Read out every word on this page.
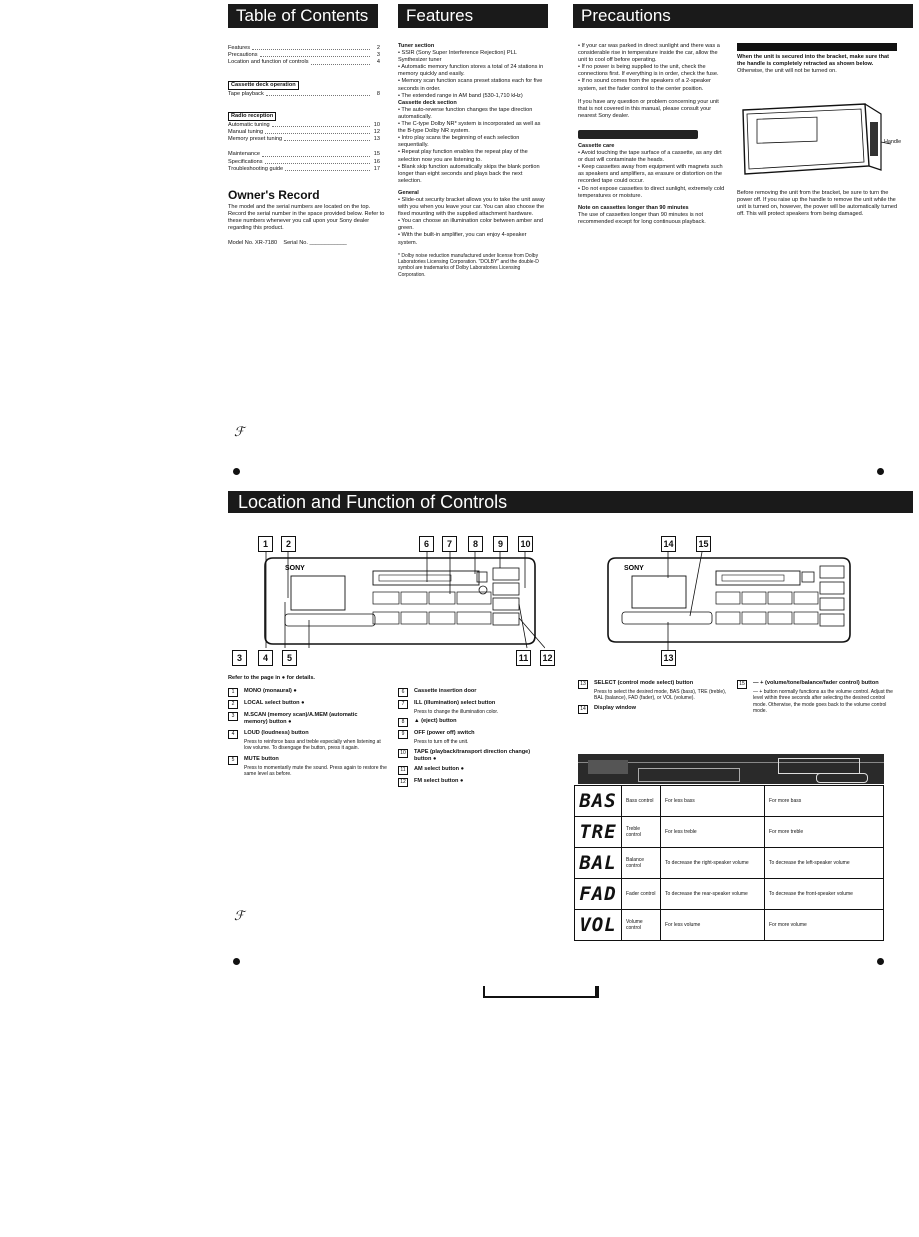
Table of Contents	Features	Precautions
Features	2
Precautions	3
Location and function of controls	4
Cassette deck operation
Tape playback	8
Radio reception
Automatic tuning	10
Manual tuning	12
Memory preset tuning	13
Maintenance	15
Specifications	16
Troubleshooting guide	17
Owner's Record
The model and the serial numbers are located on the top. Record the serial number in the space provided below. Refer to these numbers whenever you call upon your Sony dealer regarding this product.
Model No. XR-7180    Serial No. ____________
Tuner section
• SSIR (Sony Super Interference Rejection) PLL Synthesizer tuner
• Automatic memory function stores a total of 24 stations in memory quickly and easily.
• Memory scan function scans preset stations each for five seconds in order.
• The extended range in AM band (530-1,710 kHz)
Cassette deck section
• The auto-reverse function changes the tape direction automatically.
• The C-type Dolby NR* system is incorporated as well as the B-type Dolby NR system.
• Intro play scans the beginning of each selection sequentially.
• Repeat play function enables the repeat play of the selection now you are listening to.
• Blank skip function automatically skips the blank portion longer than eight seconds and plays back the next selection.
General
• Slide-out security bracket allows you to take the unit away with you when you leave your car. You can also choose the fixed mounting with the supplied attachment hardware.
• You can choose an illumination color between amber and green.
• With the built-in amplifier, you can enjoy 4-speaker system.
* Dolby noise reduction manufactured under license from Dolby Laboratories Licensing Corporation. "DOLBY" and the double-D symbol are trademarks of Dolby Laboratories Licensing Corporation.
• If your car was parked in direct sunlight and there was a considerable rise in temperature inside the car, allow the unit to cool off before operating.
• If no power is being supplied to the unit, check the connections first. If everything is in order, check the fuse.
• If no sound comes from the speakers of a 2-speaker system, set the fader control to the center position.
If you have any question or problem concerning your unit that is not covered in this manual, please consult your nearest Sony dealer.
Cassette care
• Avoid touching the tape surface of a cassette, as any dirt or dust will contaminate the heads.
• Keep cassettes away from equipment with magnets such as speakers and amplifiers, as erasure or distortion on the recorded tape could occur.
• Do not expose cassettes to direct sunlight, extremely cold temperatures or moisture.
Note on cassettes longer than 90 minutes
The use of cassettes longer than 90 minutes is not recommended except for long continuous playback.
When the unit is secured into the bracket, make sure that the handle is completely retracted as shown below.
Otherwise, the unit will not be turned on.
Handle
Before removing the unit from the bracket, be sure to turn the power off. If you raise up the handle to remove the unit while the unit is turned on, however, the power will be automatically turned off. This will protect speakers from being damaged.
ℱ
Location and Function of Controls
1	2	6	7	8	9	10
SONY
3	4	5	11	12
14	15
SONY
13
Refer to the page in ● for details.
1 MONO (monaural) ●
2 LOCAL select button ●
3 M.SCAN (memory scan)/A.MEM (automatic memory) button ●
4 LOUD (loudness) button
Press to reinforce bass and treble especially when listening at low volume. To disengage the button, press it again.
5 MUTE button
Press to momentarily mute the sound. Press again to restore the same level as before.
6 Cassette insertion door
7 ILL (illumination) select button
Press to change the illumination color.
8 ▲ (eject) button
9 OFF (power off) switch
Press to turn off the unit.
10 TAPE (playback/transport direction change) button ●
11 AM select button ●
12 FM select button ●
13 SELECT (control mode select) button
Press to select the desired mode, BAS (bass), TRE (treble), BAL (balance), FAD (fader), or VOL (volume).
14 Display window
15 — + (volume/tone/balance/fader control) button
— + button normally functions as the volume control. Adjust the level within three seconds after selecting the desired control mode. Otherwise, the mode goes back to the volume control mode.
BAS	Bass control	For less bass	For more bass
TRE	Treble control	For less treble	For more treble
BAL	Balance control	To decrease the right-speaker volume	To decrease the left-speaker volume
FAD	Fader control	To decrease the rear-speaker volume	To decrease the front-speaker volume
VOL	Volume control	For less volume	For more volume
ℱ
